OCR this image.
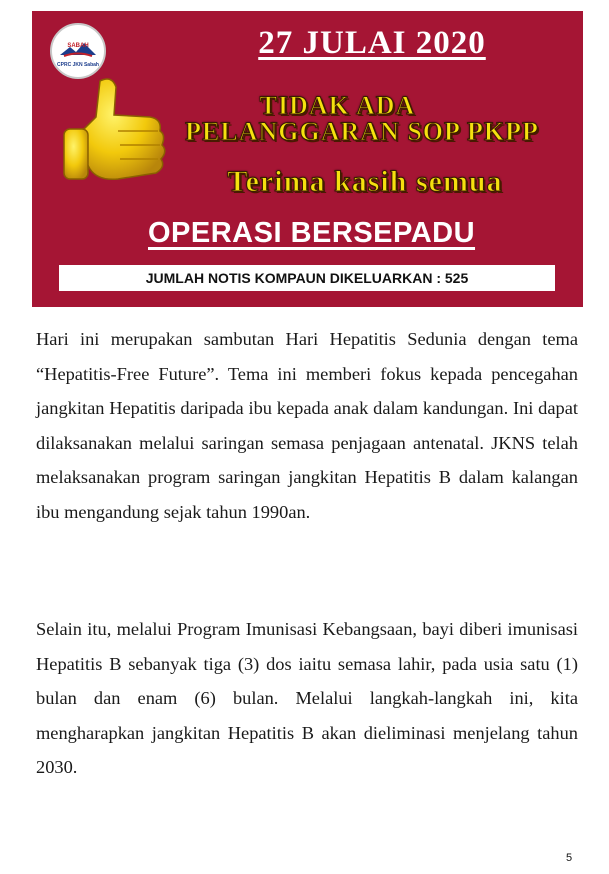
SABAH
CPRC JKN Sabah
27 JULAI 2020
TIDAK ADA
PELANGGARAN SOP PKPP
Terima kasih semua
OPERASI BERSEPADU
JUMLAH NOTIS KOMPAUN DIKELUARKAN : 525

Hari ini merupakan sambutan Hari Hepatitis Sedunia dengan tema “Hepatitis-Free Future”. Tema ini memberi fokus kepada pencegahan jangkitan Hepatitis daripada ibu kepada anak dalam kandungan. Ini dapat dilaksanakan melalui saringan semasa penjagaan antenatal. JKNS telah melaksanakan program saringan jangkitan Hepatitis B dalam kalangan ibu mengandung sejak tahun 1990an.

Selain itu, melalui Program Imunisasi Kebangsaan, bayi diberi imunisasi Hepatitis B sebanyak tiga (3) dos iaitu semasa lahir, pada usia satu (1) bulan dan enam (6) bulan. Melalui langkah-langkah ini, kita mengharapkan jangkitan Hepatitis B akan dieliminasi menjelang tahun 2030.

5
